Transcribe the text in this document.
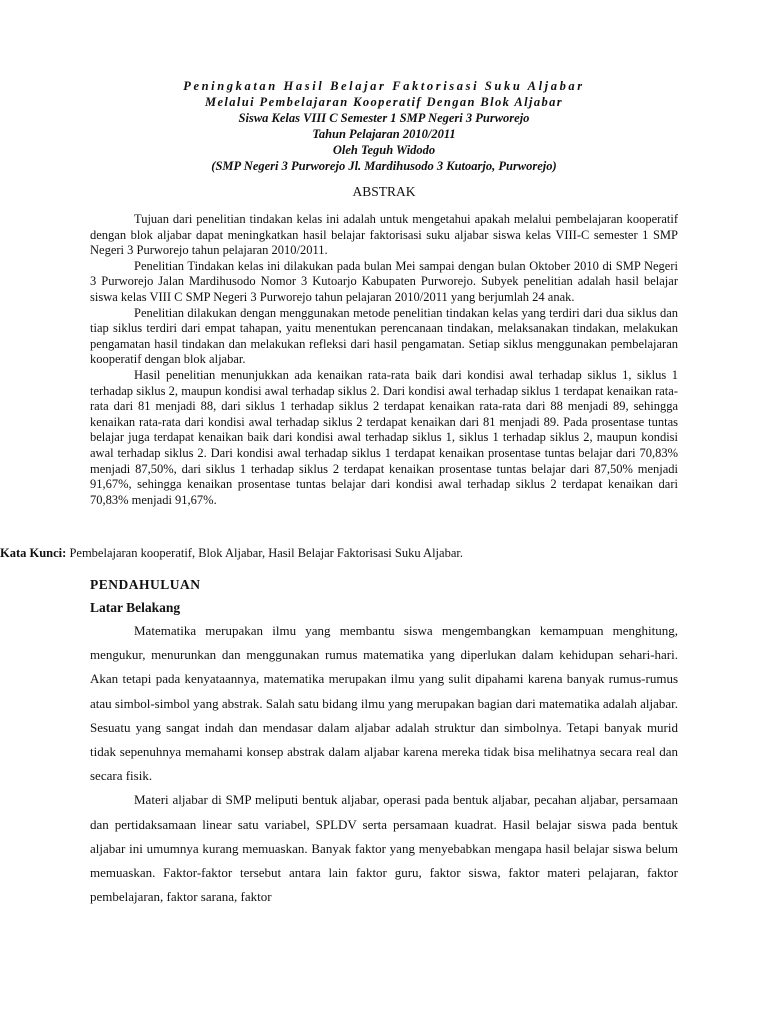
Peningkatan Hasil Belajar Faktorisasi Suku Aljabar
Melalui Pembelajaran Kooperatif Dengan Blok Aljabar
Siswa Kelas VIII C Semester 1 SMP Negeri 3 Purworejo
Tahun Pelajaran 2010/2011
Oleh Teguh Widodo
(SMP Negeri 3 Purworejo Jl. Mardihusodo 3 Kutoarjo, Purworejo)
ABSTRAK

Tujuan dari penelitian tindakan kelas ini adalah untuk mengetahui apakah melalui pembelajaran kooperatif dengan blok aljabar dapat meningkatkan hasil belajar faktorisasi suku aljabar siswa kelas VIII-C semester 1 SMP Negeri 3 Purworejo tahun pelajaran 2010/2011.

Penelitian Tindakan kelas ini dilakukan pada bulan Mei sampai dengan bulan Oktober 2010 di SMP Negeri 3 Purworejo Jalan Mardihusodo Nomor 3 Kutoarjo Kabupaten Purworejo. Subyek penelitian adalah hasil belajar siswa kelas VIII C SMP Negeri 3 Purworejo tahun pelajaran 2010/2011 yang berjumlah 24 anak.

Penelitian dilakukan dengan menggunakan metode penelitian tindakan kelas yang terdiri dari dua siklus dan tiap siklus terdiri dari empat tahapan, yaitu menentukan perencanaan tindakan, melaksanakan tindakan, melakukan pengamatan hasil tindakan dan melakukan refleksi dari hasil pengamatan. Setiap siklus menggunakan pembelajaran kooperatif dengan blok aljabar.

Hasil penelitian menunjukkan ada kenaikan rata-rata baik dari kondisi awal terhadap siklus 1, siklus 1 terhadap siklus 2, maupun kondisi awal terhadap siklus 2. Dari kondisi awal terhadap siklus 1 terdapat kenaikan rata-rata dari 81 menjadi 88, dari siklus 1 terhadap siklus 2 terdapat kenaikan rata-rata dari 88 menjadi 89, sehingga kenaikan rata-rata dari kondisi awal terhadap siklus 2 terdapat kenaikan dari 81 menjadi 89. Pada prosentase tuntas belajar juga terdapat kenaikan baik dari kondisi awal terhadap siklus 1, siklus 1 terhadap siklus 2, maupun kondisi awal terhadap siklus 2. Dari kondisi awal terhadap siklus 1 terdapat kenaikan prosentase tuntas belajar dari 70,83% menjadi 87,50%, dari siklus 1 terhadap siklus 2 terdapat kenaikan prosentase tuntas belajar dari 87,50% menjadi 91,67%, sehingga kenaikan prosentase tuntas belajar dari kondisi awal terhadap siklus 2 terdapat kenaikan dari 70,83% menjadi 91,67%.

Kata Kunci: Pembelajaran kooperatif, Blok Aljabar, Hasil Belajar Faktorisasi Suku Aljabar.
PENDAHULUAN
Latar Belakang

Matematika merupakan ilmu yang membantu siswa mengembangkan kemampuan menghitung, mengukur, menurunkan dan menggunakan rumus matematika yang diperlukan dalam kehidupan sehari-hari. Akan tetapi pada kenyataannya, matematika merupakan ilmu yang sulit dipahami karena banyak rumus-rumus atau simbol-simbol yang abstrak. Salah satu bidang ilmu yang merupakan bagian dari matematika adalah aljabar. Sesuatu yang sangat indah dan mendasar dalam aljabar adalah struktur dan simbolnya. Tetapi banyak murid tidak sepenuhnya memahami konsep abstrak dalam aljabar karena mereka tidak bisa melihatnya secara real dan secara fisik.

Materi aljabar di SMP meliputi bentuk aljabar, operasi pada bentuk aljabar, pecahan aljabar, persamaan dan pertidaksamaan linear satu variabel, SPLDV serta persamaan kuadrat. Hasil belajar siswa pada bentuk aljabar ini umumnya kurang memuaskan. Banyak faktor yang menyebabkan mengapa hasil belajar siswa belum memuaskan. Faktor-faktor tersebut antara lain faktor guru, faktor siswa, faktor materi pelajaran, faktor pembelajaran, faktor sarana, faktor
